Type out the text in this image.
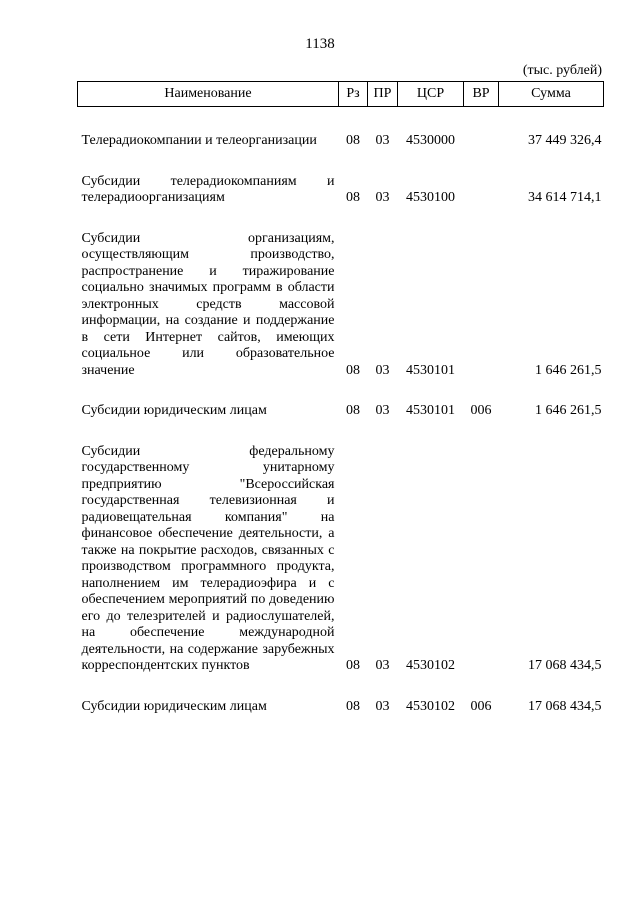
1138
(тыс. рублей)
Наименование	Рз	ПР	ЦСР	ВР	Сумма

Телерадиокомпании и телеорганизации	08	03	4530000		37 449 326,4

Субсидии телерадиокомпаниям и телерадиоорганизациям	08	03	4530100		34 614 714,1

Субсидии организациям, осуществляющим производство, распространение и тиражирование социально значимых программ в области электронных средств массовой информации, на создание и поддержание в сети Интернет сайтов, имеющих социальное или образовательное значение	08	03	4530101		1 646 261,5

Субсидии юридическим лицам	08	03	4530101	006	1 646 261,5

Субсидии федеральному государственному унитарному предприятию "Всероссийская государственная телевизионная и радиовещательная компания" на финансовое обеспечение деятельности, а также на покрытие расходов, связанных с производством программного продукта, наполнением им телерадиоэфира и с обеспечением мероприятий по доведению его до телезрителей и радиослушателей, на обеспечение международной деятельности, на содержание зарубежных корреспондентских пунктов	08	03	4530102		17 068 434,5

Субсидии юридическим лицам	08	03	4530102	006	17 068 434,5
